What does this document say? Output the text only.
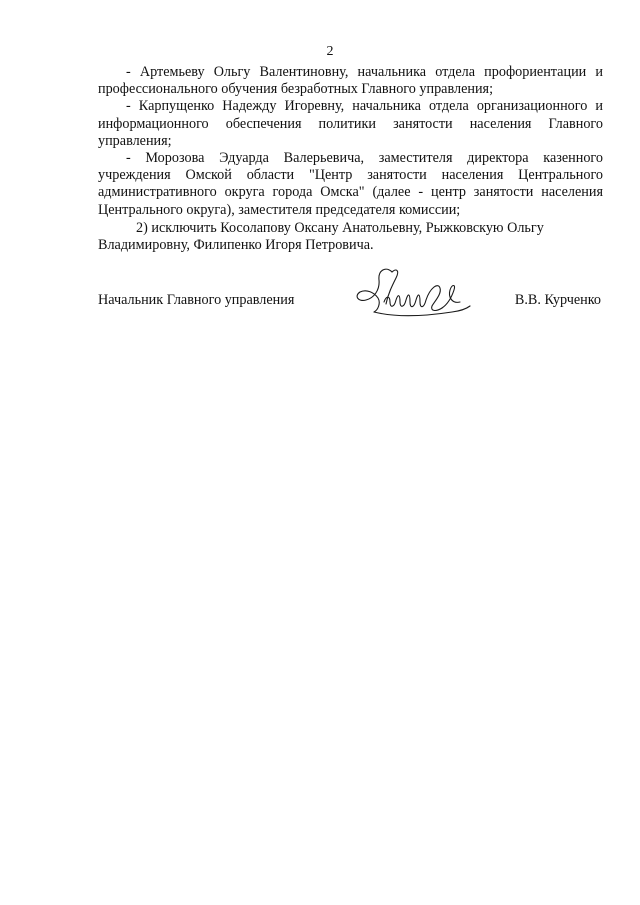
2

- Артемьеву Ольгу Валентиновну, начальника отдела профориентации и профессионального обучения безработных Главного управления;

- Карпущенко Надежду Игоревну, начальника отдела организационного и информационного обеспечения политики занятости населения Главного управления;

- Морозова Эдуарда Валерьевича, заместителя директора казенного учреждения Омской области "Центр занятости населения Центрального административного округа города Омска" (далее - центр занятости населения Центрального округа), заместителя председателя комиссии;

2) исключить Косолапову Оксану Анатольевну, Рыжковскую Ольгу Владимировну, Филипенко Игоря Петровича.

Начальник Главного управления	В.В. Курченко
